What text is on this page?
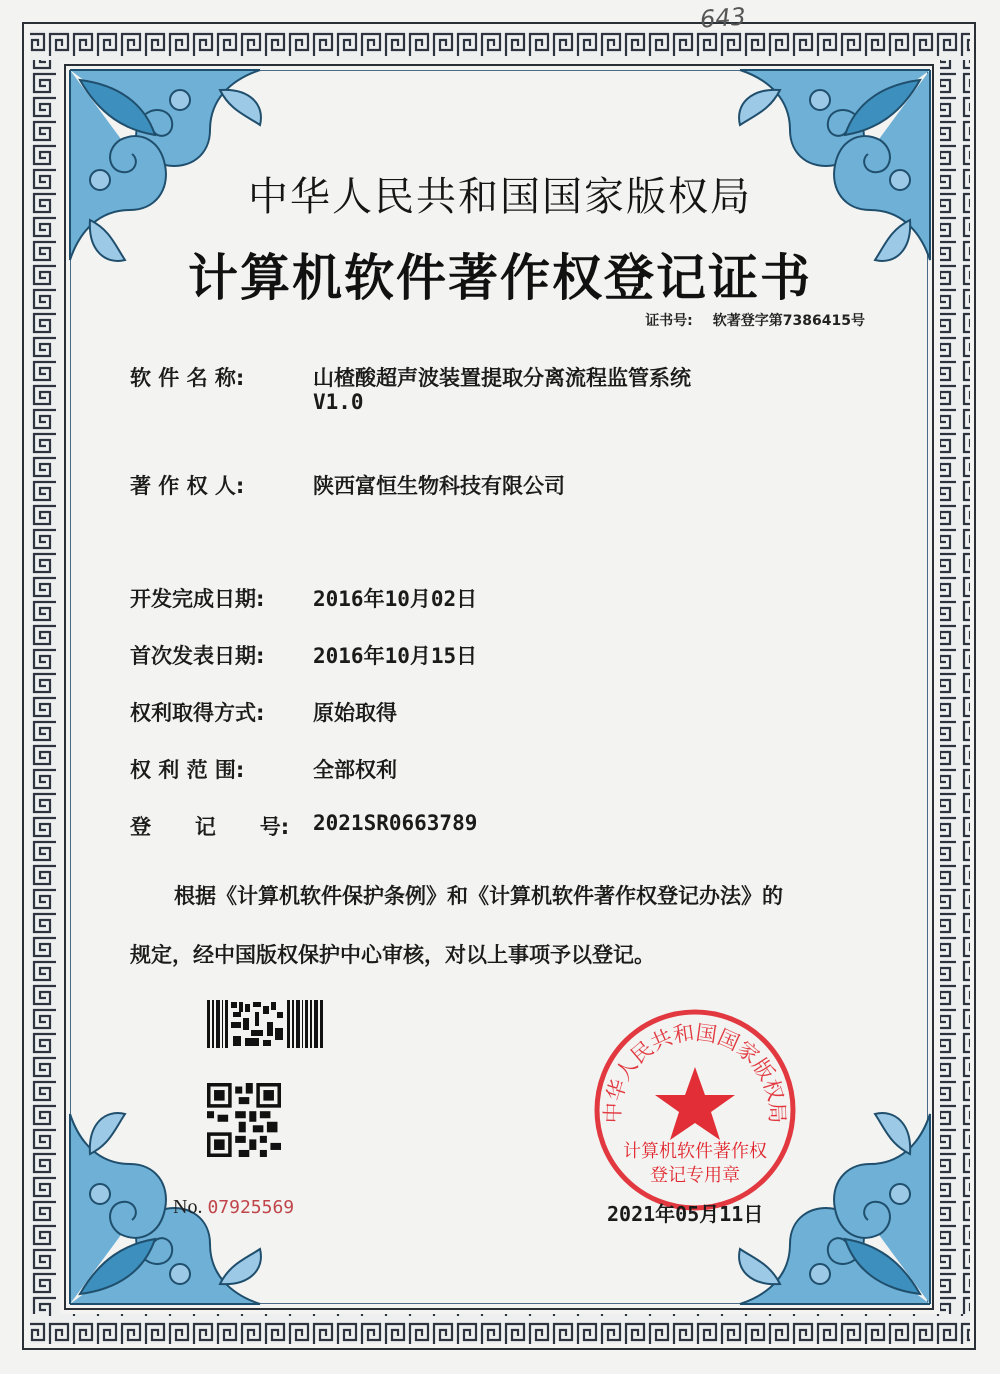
643
中华人民共和国国家版权局
计算机软件著作权登记证书
证书号: 软著登字第7386415号
软 件 名 称:	山楂酸超声波装置提取分离流程监管系统
V1.0
著 作 权 人:	陕西富恒生物科技有限公司
开发完成日期:	2016年10月02日
首次发表日期:	2016年10月15日
权利取得方式:	原始取得
权 利 范 围:	全部权利
登      记      号:	2021SR0663789
根据《计算机软件保护条例》和《计算机软件著作权登记办法》的
规定，经中国版权保护中心审核，对以上事项予以登记。
No. 07925569
中华人民共和国国家版权局
计算机软件著作权
登记专用章
2021年05月11日
